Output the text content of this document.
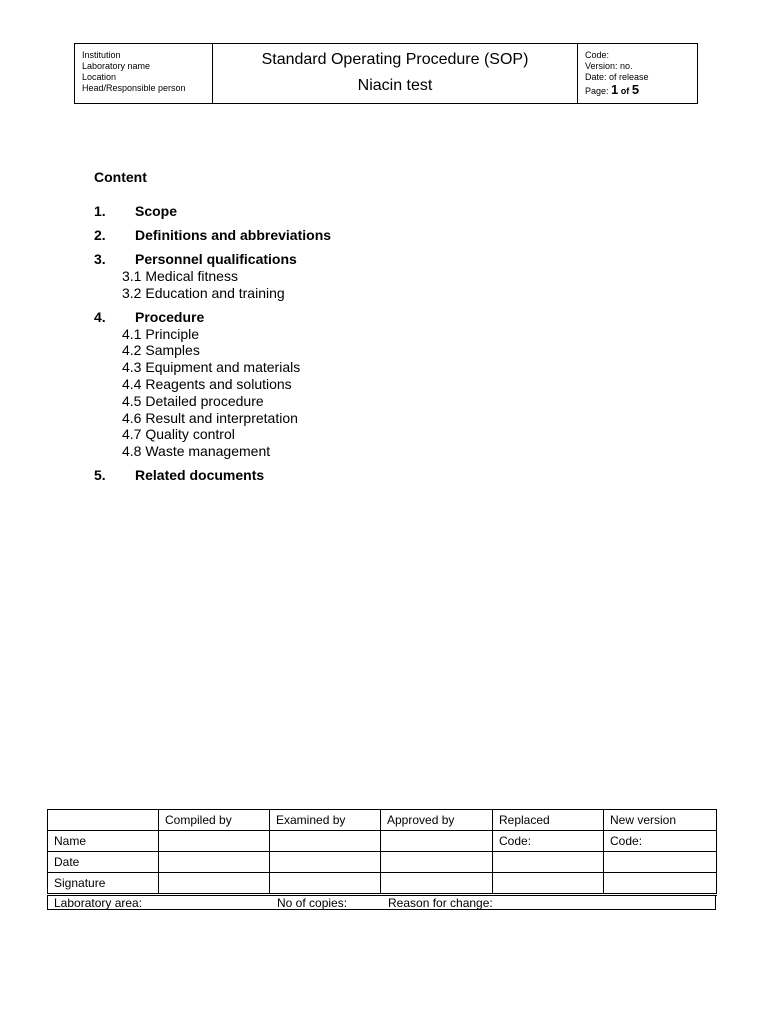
Institution
Laboratory name
Location
Head/Responsible person
Standard Operating Procedure (SOP)
Niacin test
Code:
Version: no.
Date: of release
Page: 1 of 5
Content
1.	Scope
2.	Definitions and abbreviations
3.	Personnel qualifications
3.1 Medical fitness
3.2 Education and training
4.	Procedure
4.1 Principle
4.2 Samples
4.3 Equipment and materials
4.4 Reagents and solutions
4.5 Detailed procedure
4.6 Result and interpretation
4.7 Quality control
4.8 Waste management
5.	Related documents
	Compiled by	Examined by	Approved by	Replaced	New version
Name				Code:	Code:
Date					
Signature					
Laboratory area:	No of copies:	Reason for change:
